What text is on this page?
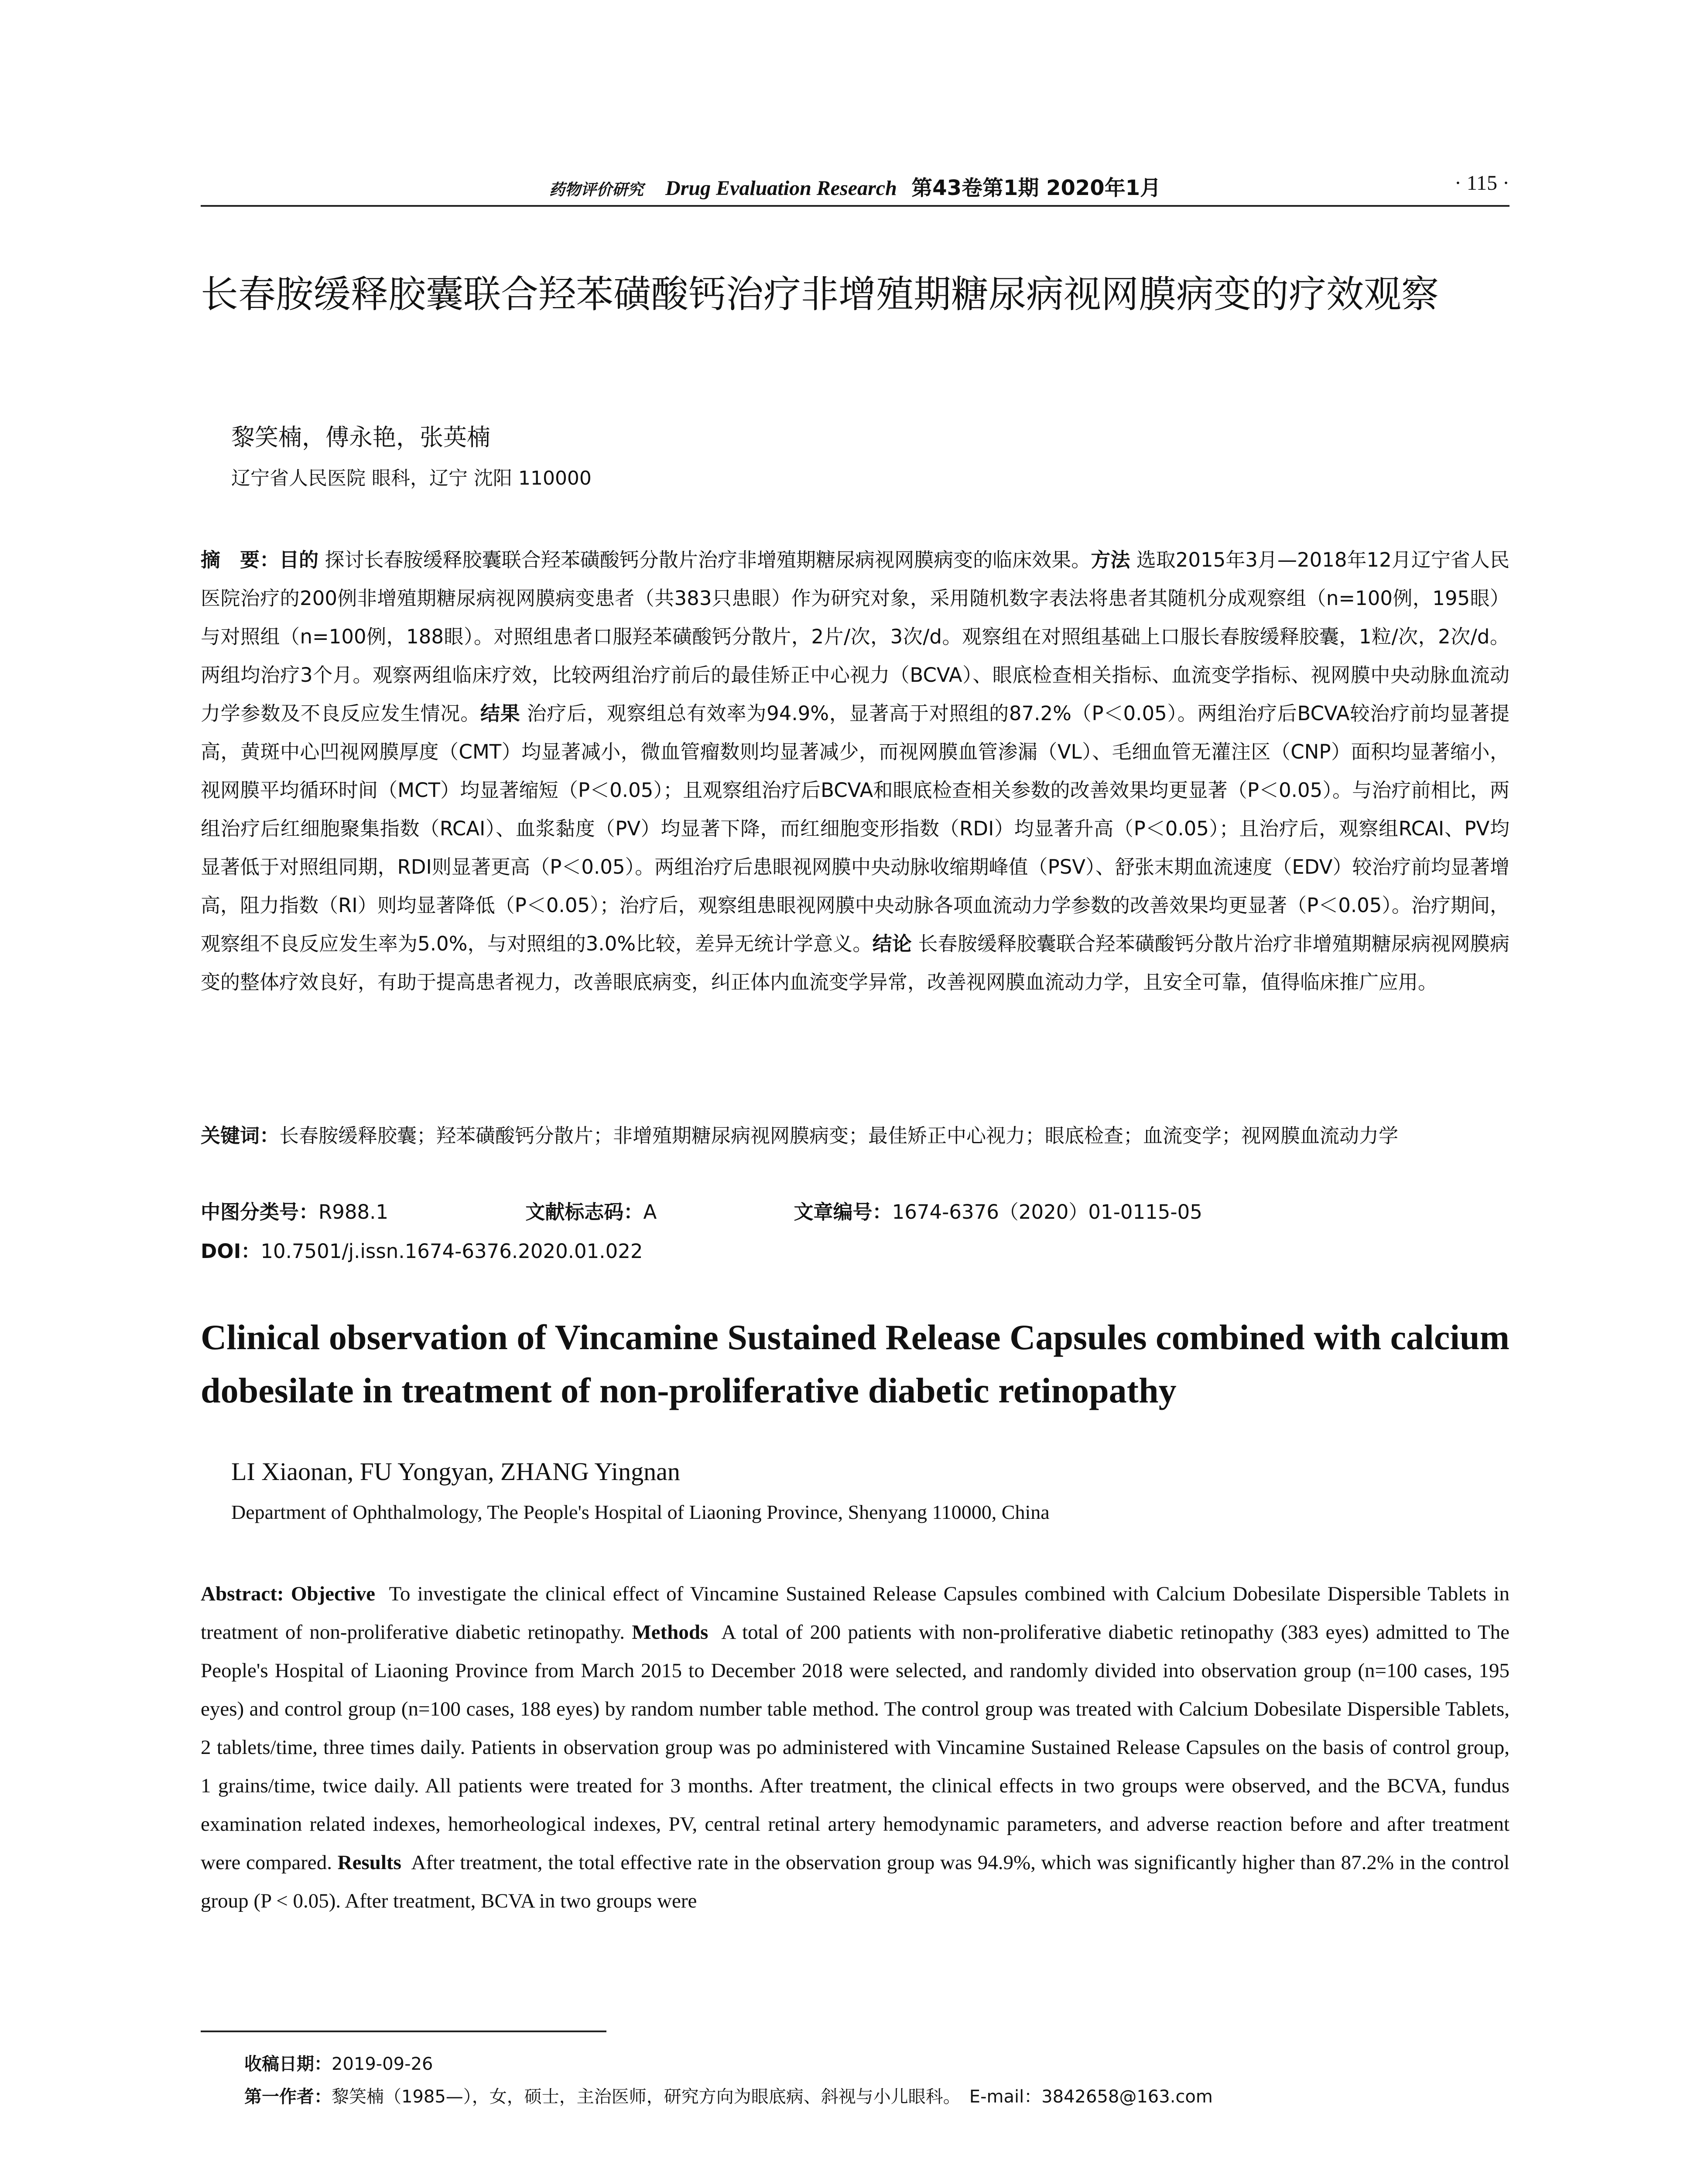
药物评价研究 Drug Evaluation Research 第43卷第1期 2020年1月	· 115 ·
长春胺缓释胶囊联合羟苯磺酸钙治疗非增殖期糖尿病视网膜病变的疗效观察
黎笑楠，傅永艳，张英楠
辽宁省人民医院 眼科，辽宁 沈阳 110000
摘　要：目的 探讨长春胺缓释胶囊联合羟苯磺酸钙分散片治疗非增殖期糖尿病视网膜病变的临床效果。方法 选取2015年3月—2018年12月辽宁省人民医院治疗的200例非增殖期糖尿病视网膜病变患者（共383只患眼）作为研究对象，采用随机数字表法将患者其随机分成观察组（n=100例，195眼）与对照组（n=100例，188眼）。对照组患者口服羟苯磺酸钙分散片，2片/次，3次/d。观察组在对照组基础上口服长春胺缓释胶囊，1粒/次，2次/d。两组均治疗3个月。观察两组临床疗效，比较两组治疗前后的最佳矫正中心视力（BCVA）、眼底检查相关指标、血流变学指标、视网膜中央动脉血流动力学参数及不良反应发生情况。结果 治疗后，观察组总有效率为94.9%，显著高于对照组的87.2%（P＜0.05）。两组治疗后BCVA较治疗前均显著提高，黄斑中心凹视网膜厚度（CMT）均显著减小，微血管瘤数则均显著减少，而视网膜血管渗漏（VL）、毛细血管无灌注区（CNP）面积均显著缩小，视网膜平均循环时间（MCT）均显著缩短（P＜0.05）；且观察组治疗后BCVA和眼底检查相关参数的改善效果均更显著（P＜0.05）。与治疗前相比，两组治疗后红细胞聚集指数（RCAI）、血浆黏度（PV）均显著下降，而红细胞变形指数（RDI）均显著升高（P＜0.05）；且治疗后，观察组RCAI、PV均显著低于对照组同期，RDI则显著更高（P＜0.05）。两组治疗后患眼视网膜中央动脉收缩期峰值（PSV）、舒张末期血流速度（EDV）较治疗前均显著增高，阻力指数（RI）则均显著降低（P＜0.05）；治疗后，观察组患眼视网膜中央动脉各项血流动力学参数的改善效果均更显著（P＜0.05）。治疗期间，观察组不良反应发生率为5.0%，与对照组的3.0%比较，差异无统计学意义。结论 长春胺缓释胶囊联合羟苯磺酸钙分散片治疗非增殖期糖尿病视网膜病变的整体疗效良好，有助于提高患者视力，改善眼底病变，纠正体内血流变学异常，改善视网膜血流动力学，且安全可靠，值得临床推广应用。
关键词：长春胺缓释胶囊；羟苯磺酸钙分散片；非增殖期糖尿病视网膜病变；最佳矫正中心视力；眼底检查；血流变学；视网膜血流动力学
中图分类号：R988.1	文献标志码：A	文章编号：1674-6376（2020）01-0115-05
DOI：10.7501/j.issn.1674-6376.2020.01.022
Clinical observation of Vincamine Sustained Release Capsules combined with calcium dobesilate in treatment of non-proliferative diabetic retinopathy
LI Xiaonan, FU Yongyan, ZHANG Yingnan
Department of Ophthalmology, The People's Hospital of Liaoning Province, Shenyang 110000, China
Abstract: Objective To investigate the clinical effect of Vincamine Sustained Release Capsules combined with Calcium Dobesilate Dispersible Tablets in treatment of non-proliferative diabetic retinopathy. Methods A total of 200 patients with non-proliferative diabetic retinopathy (383 eyes) admitted to The People's Hospital of Liaoning Province from March 2015 to December 2018 were selected, and randomly divided into observation group (n=100 cases, 195 eyes) and control group (n=100 cases, 188 eyes) by random number table method. The control group was treated with Calcium Dobesilate Dispersible Tablets, 2 tablets/time, three times daily. Patients in observation group was po administered with Vincamine Sustained Release Capsules on the basis of control group, 1 grains/time, twice daily. All patients were treated for 3 months. After treatment, the clinical effects in two groups were observed, and the BCVA, fundus examination related indexes, hemorheological indexes, PV, central retinal artery hemodynamic parameters, and adverse reaction before and after treatment were compared. Results After treatment, the total effective rate in the observation group was 94.9%, which was significantly higher than 87.2% in the control group (P < 0.05). After treatment, BCVA in two groups were
收稿日期：2019-09-26
第一作者：黎笑楠（1985—），女，硕士，主治医师，研究方向为眼底病、斜视与小儿眼科。　E-mail：3842658@163.com
